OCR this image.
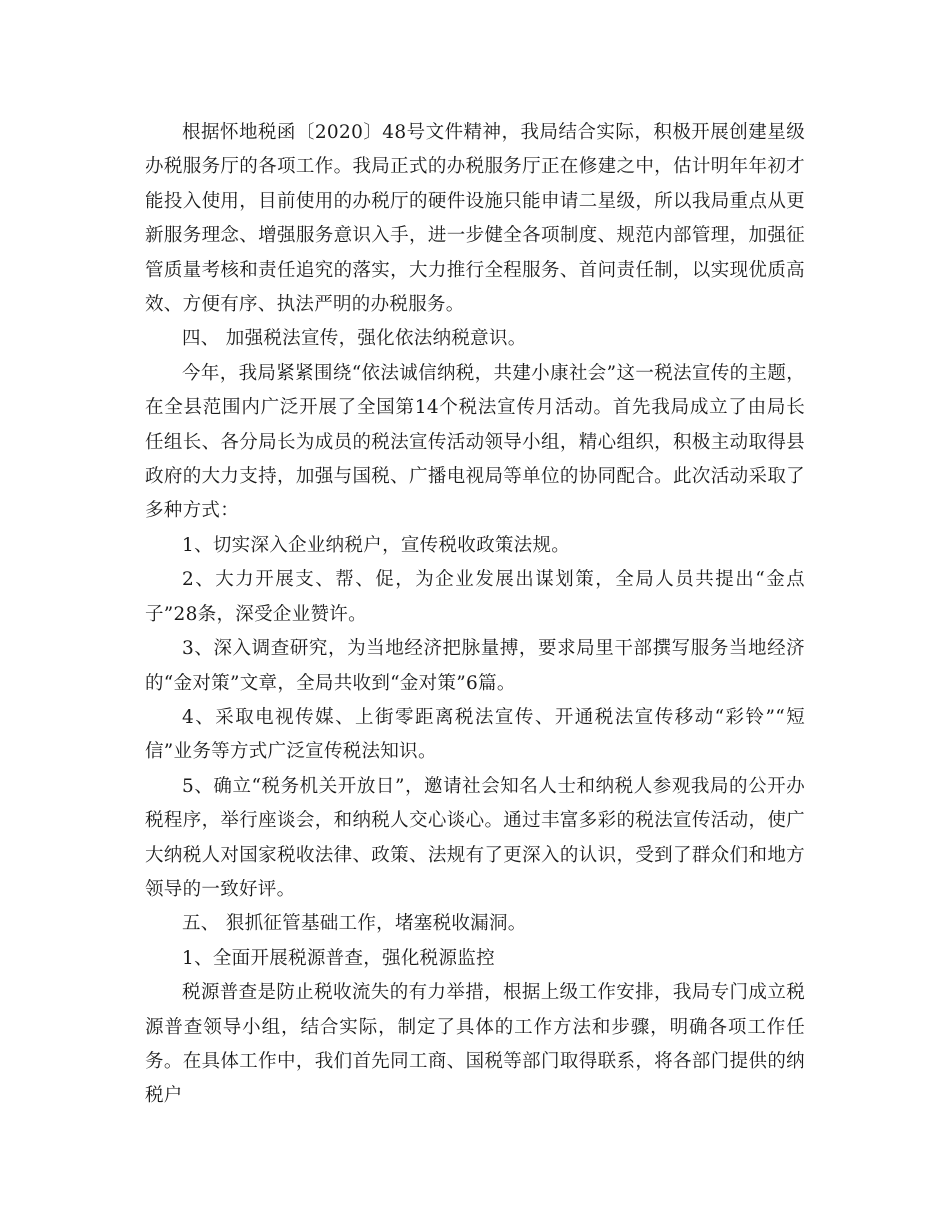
根据怀地税函〔2020〕48号文件精神，我局结合实际，积极开展创建星级办税服务厅的各项工作。我局正式的办税服务厅正在修建之中，估计明年年初才能投入使用，目前使用的办税厅的硬件设施只能申请二星级，所以我局重点从更新服务理念、增强服务意识入手，进一步健全各项制度、规范内部管理，加强征管质量考核和责任追究的落实，大力推行全程服务、首问责任制，以实现优质高效、方便有序、执法严明的办税服务。

四、 加强税法宣传，强化依法纳税意识。

今年，我局紧紧围绕“依法诚信纳税，共建小康社会”这一税法宣传的主题，在全县范围内广泛开展了全国第14个税法宣传月活动。首先我局成立了由局长任组长、各分局长为成员的税法宣传活动领导小组，精心组织，积极主动取得县政府的大力支持，加强与国税、广播电视局等单位的协同配合。此次活动采取了多种方式：

1、切实深入企业纳税户，宣传税收政策法规。

2、大力开展支、帮、促，为企业发展出谋划策，全局人员共提出“金点子”28条，深受企业赞许。

3、深入调查研究，为当地经济把脉量搏，要求局里干部撰写服务当地经济的“金对策”文章，全局共收到“金对策”6篇。

4、采取电视传媒、上街零距离税法宣传、开通税法宣传移动“彩铃”“短信”业务等方式广泛宣传税法知识。

5、确立“税务机关开放日”，邀请社会知名人士和纳税人参观我局的公开办税程序，举行座谈会，和纳税人交心谈心。通过丰富多彩的税法宣传活动，使广大纳税人对国家税收法律、政策、法规有了更深入的认识，受到了群众们和地方领导的一致好评。

五、 狠抓征管基础工作，堵塞税收漏洞。

1、全面开展税源普查，强化税源监控

税源普查是防止税收流失的有力举措，根据上级工作安排，我局专门成立税源普查领导小组，结合实际，制定了具体的工作方法和步骤，明确各项工作任务。在具体工作中，我们首先同工商、国税等部门取得联系，将各部门提供的纳税户
